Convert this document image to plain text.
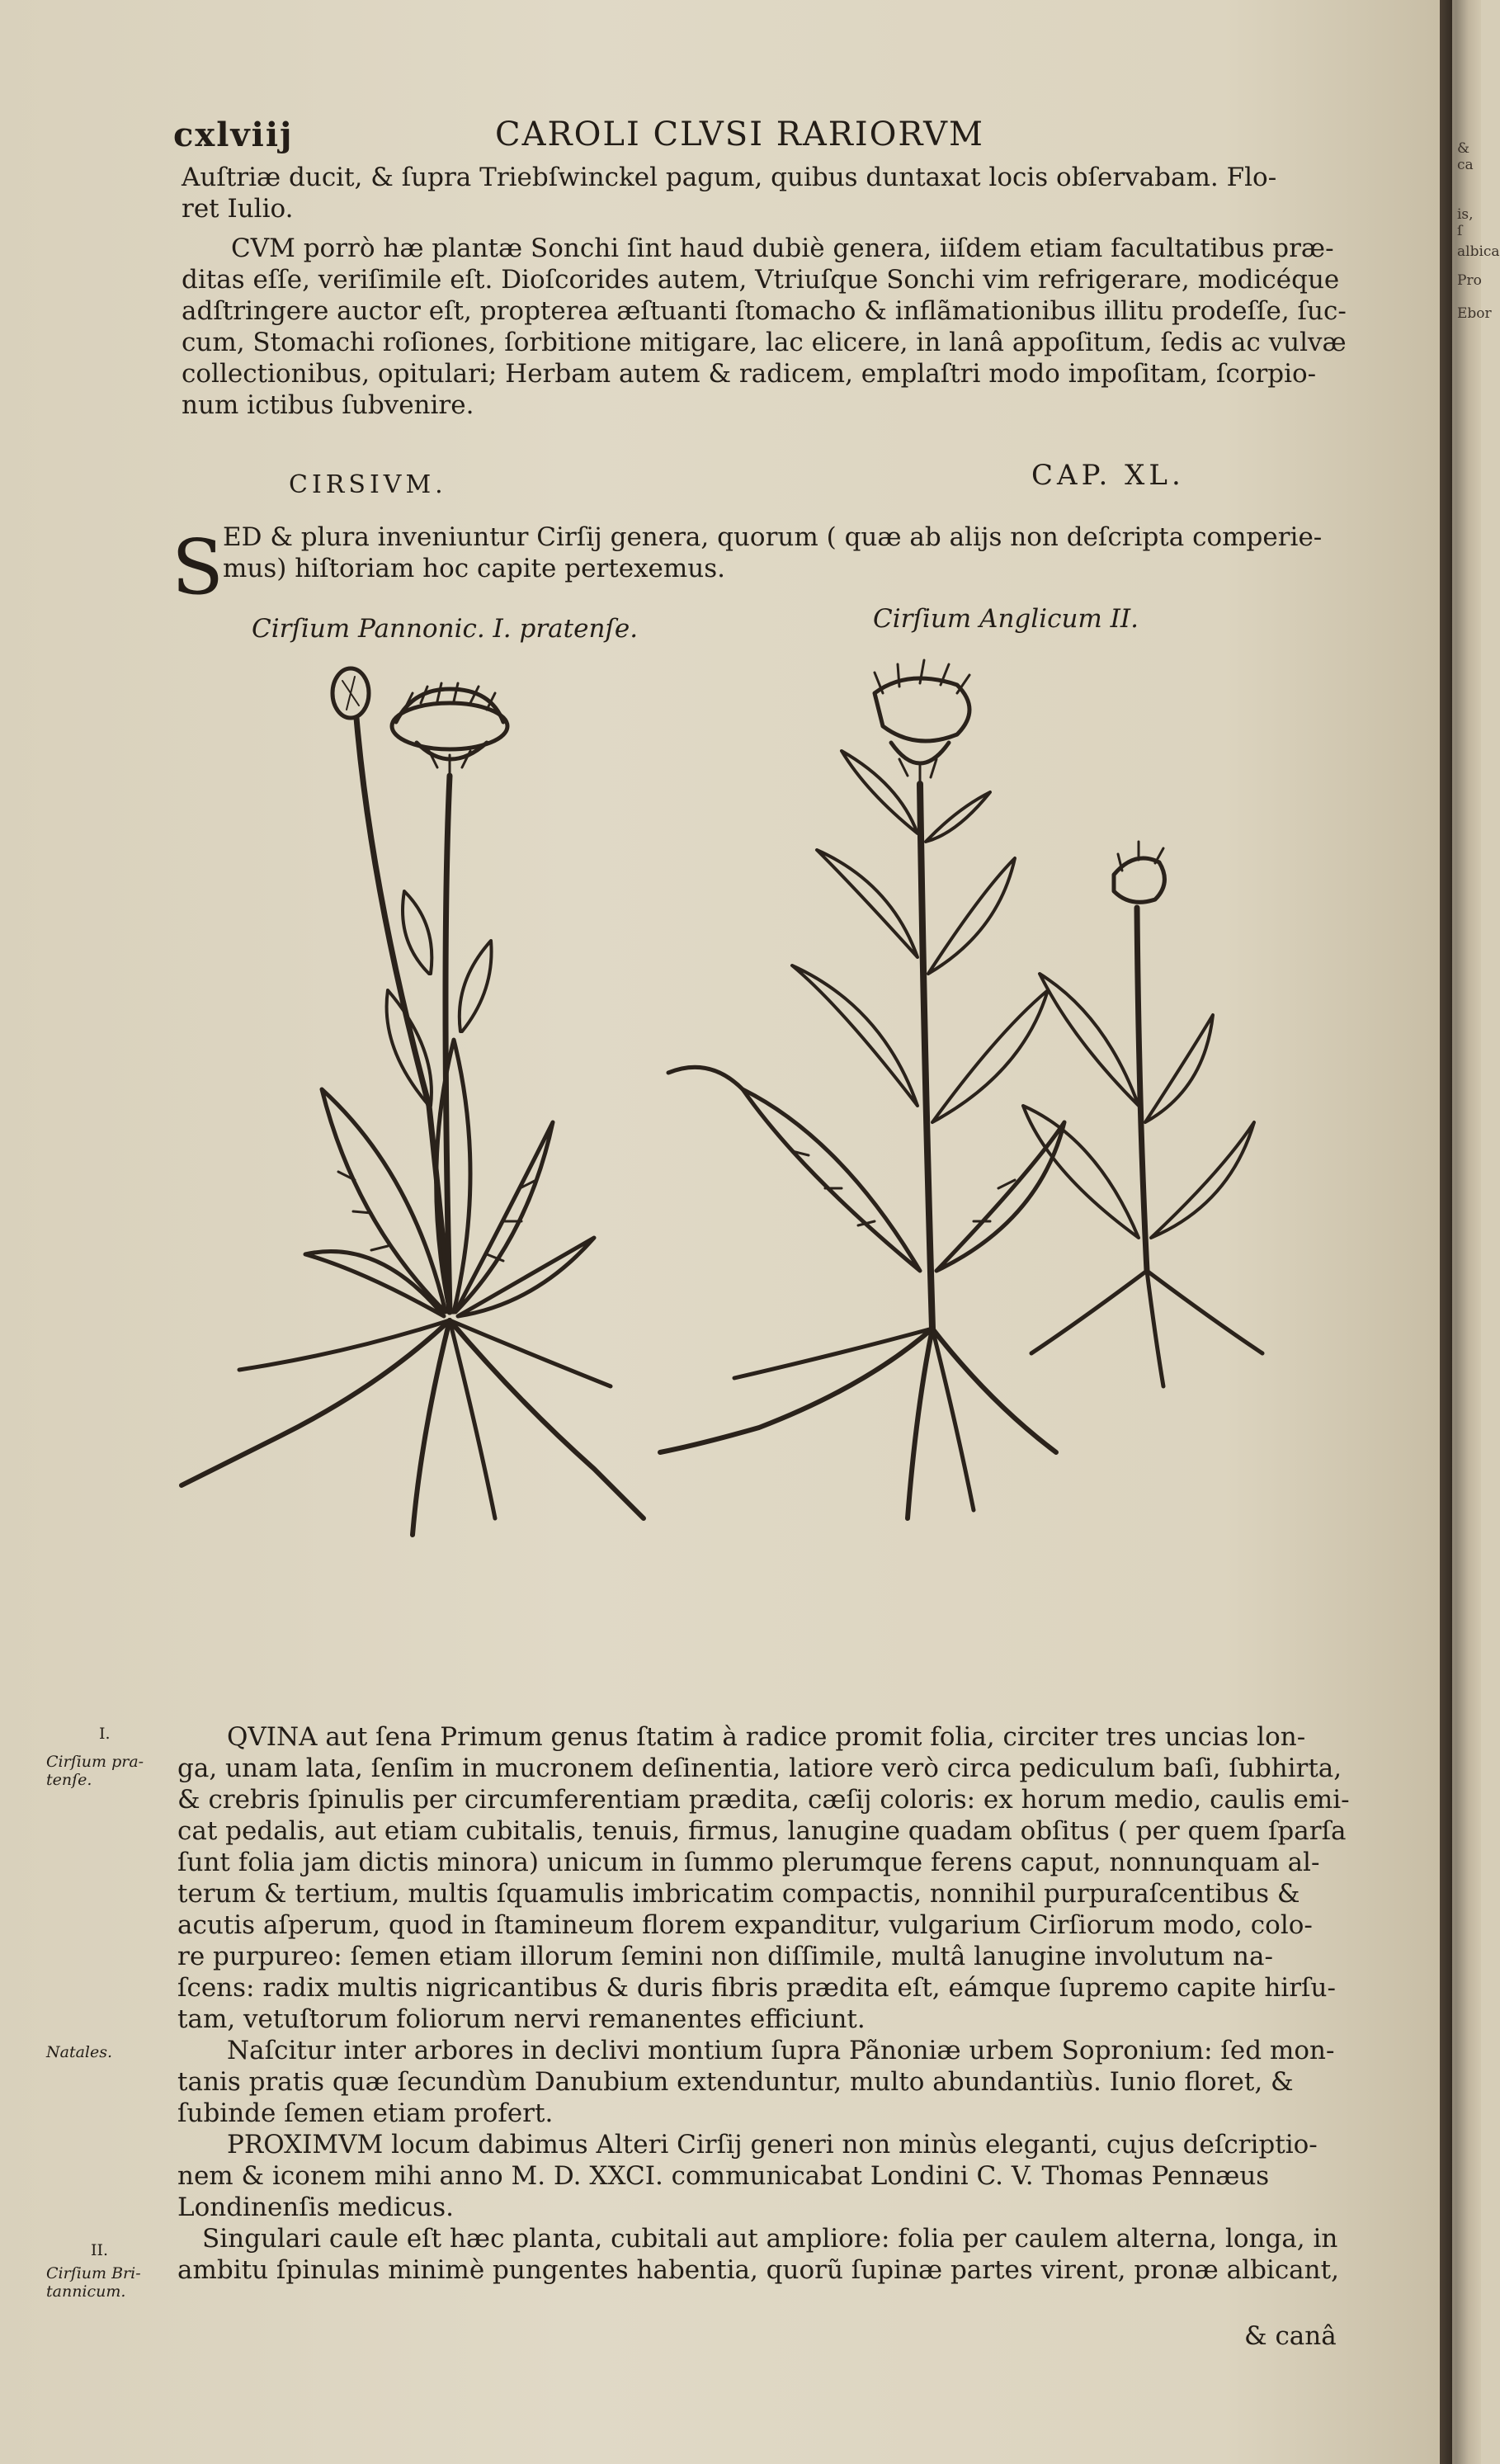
& ca
is, ſ
albica
Pro
Ebor
cxlviij	CAROLI CLVSI RARIORVM
Auſtriæ ducit, & ſupra Triebſwinckel pagum, quibus duntaxat locis obſervabam. Flo-
ret Iulio.
CVM porrò hæ plantæ Sonchi ſint haud dubiè genera, iiſdem etiam facultatibus præ-
ditas eſſe, veriſimile eſt. Dioſcorides autem, Vtriuſque Sonchi vim refrigerare, modicéque
adſtringere auctor eſt, propterea æſtuanti ſtomacho & inflãmationibus illitu prodeſſe, ſuc-
cum, Stomachi roſiones, ſorbitione mitigare, lac elicere, in lanâ appoſitum, ſedis ac vulvæ
collectionibus, opitulari; Herbam autem & radicem, emplaſtri modo impoſitam, ſcorpio-
num ictibus ſubvenire.
CIRSIVM.	CAP. XL.
S
ED & plura inveniuntur Cirſij genera, quorum ( quæ ab alijs non deſcripta comperie-
mus) hiſtoriam hoc capite pertexemus.
Cirſium Pannonic. I. pratenſe.	Cirſium Anglicum II.
I.
Cirſium pra-
tenſe.
Natales.
II.
Cirſium Bri-
tannicum.
QVINA aut ſena Primum genus ſtatim à radice promit folia, circiter tres uncias lon-
ga, unam lata, ſenſim in mucronem deſinentia, latiore verò circa pediculum baſi, ſubhirta,
& crebris ſpinulis per circumferentiam prædita, cæſij coloris: ex horum medio, caulis emi-
cat pedalis, aut etiam cubitalis, tenuis, firmus, lanugine quadam obſitus ( per quem ſparſa
ſunt folia jam dictis minora) unicum in ſummo plerumque ferens caput, nonnunquam al-
terum & tertium, multis ſquamulis imbricatim compactis, nonnihil purpuraſcentibus &
acutis aſperum, quod in ſtamineum florem expanditur, vulgarium Cirſiorum modo, colo-
re purpureo: ſemen etiam illorum ſemini non diſſimile, multâ lanugine involutum na-
ſcens: radix multis nigricantibus & duris fibris prædita eſt, eámque ſupremo capite hirſu-
tam, vetuſtorum foliorum nervi remanentes efficiunt.
Naſcitur inter arbores in declivi montium ſupra Pãnoniæ urbem Sopronium: ſed mon-
tanis pratis quæ ſecundùm Danubium extenduntur, multo abundantiùs. Iunio floret, &
ſubinde ſemen etiam profert.
PROXIMVM locum dabimus Alteri Cirſij generi non minùs eleganti, cujus deſcriptio-
nem & iconem mihi anno M. D. XXCI. communicabat Londini C. V. Thomas Pennæus
Londinenſis medicus.
Singulari caule eſt hæc planta, cubitali aut ampliore: folia per caulem alterna, longa, in
ambitu ſpinulas minimè pungentes habentia, quorũ ſupinæ partes virent, pronæ albicant,
& canâ
